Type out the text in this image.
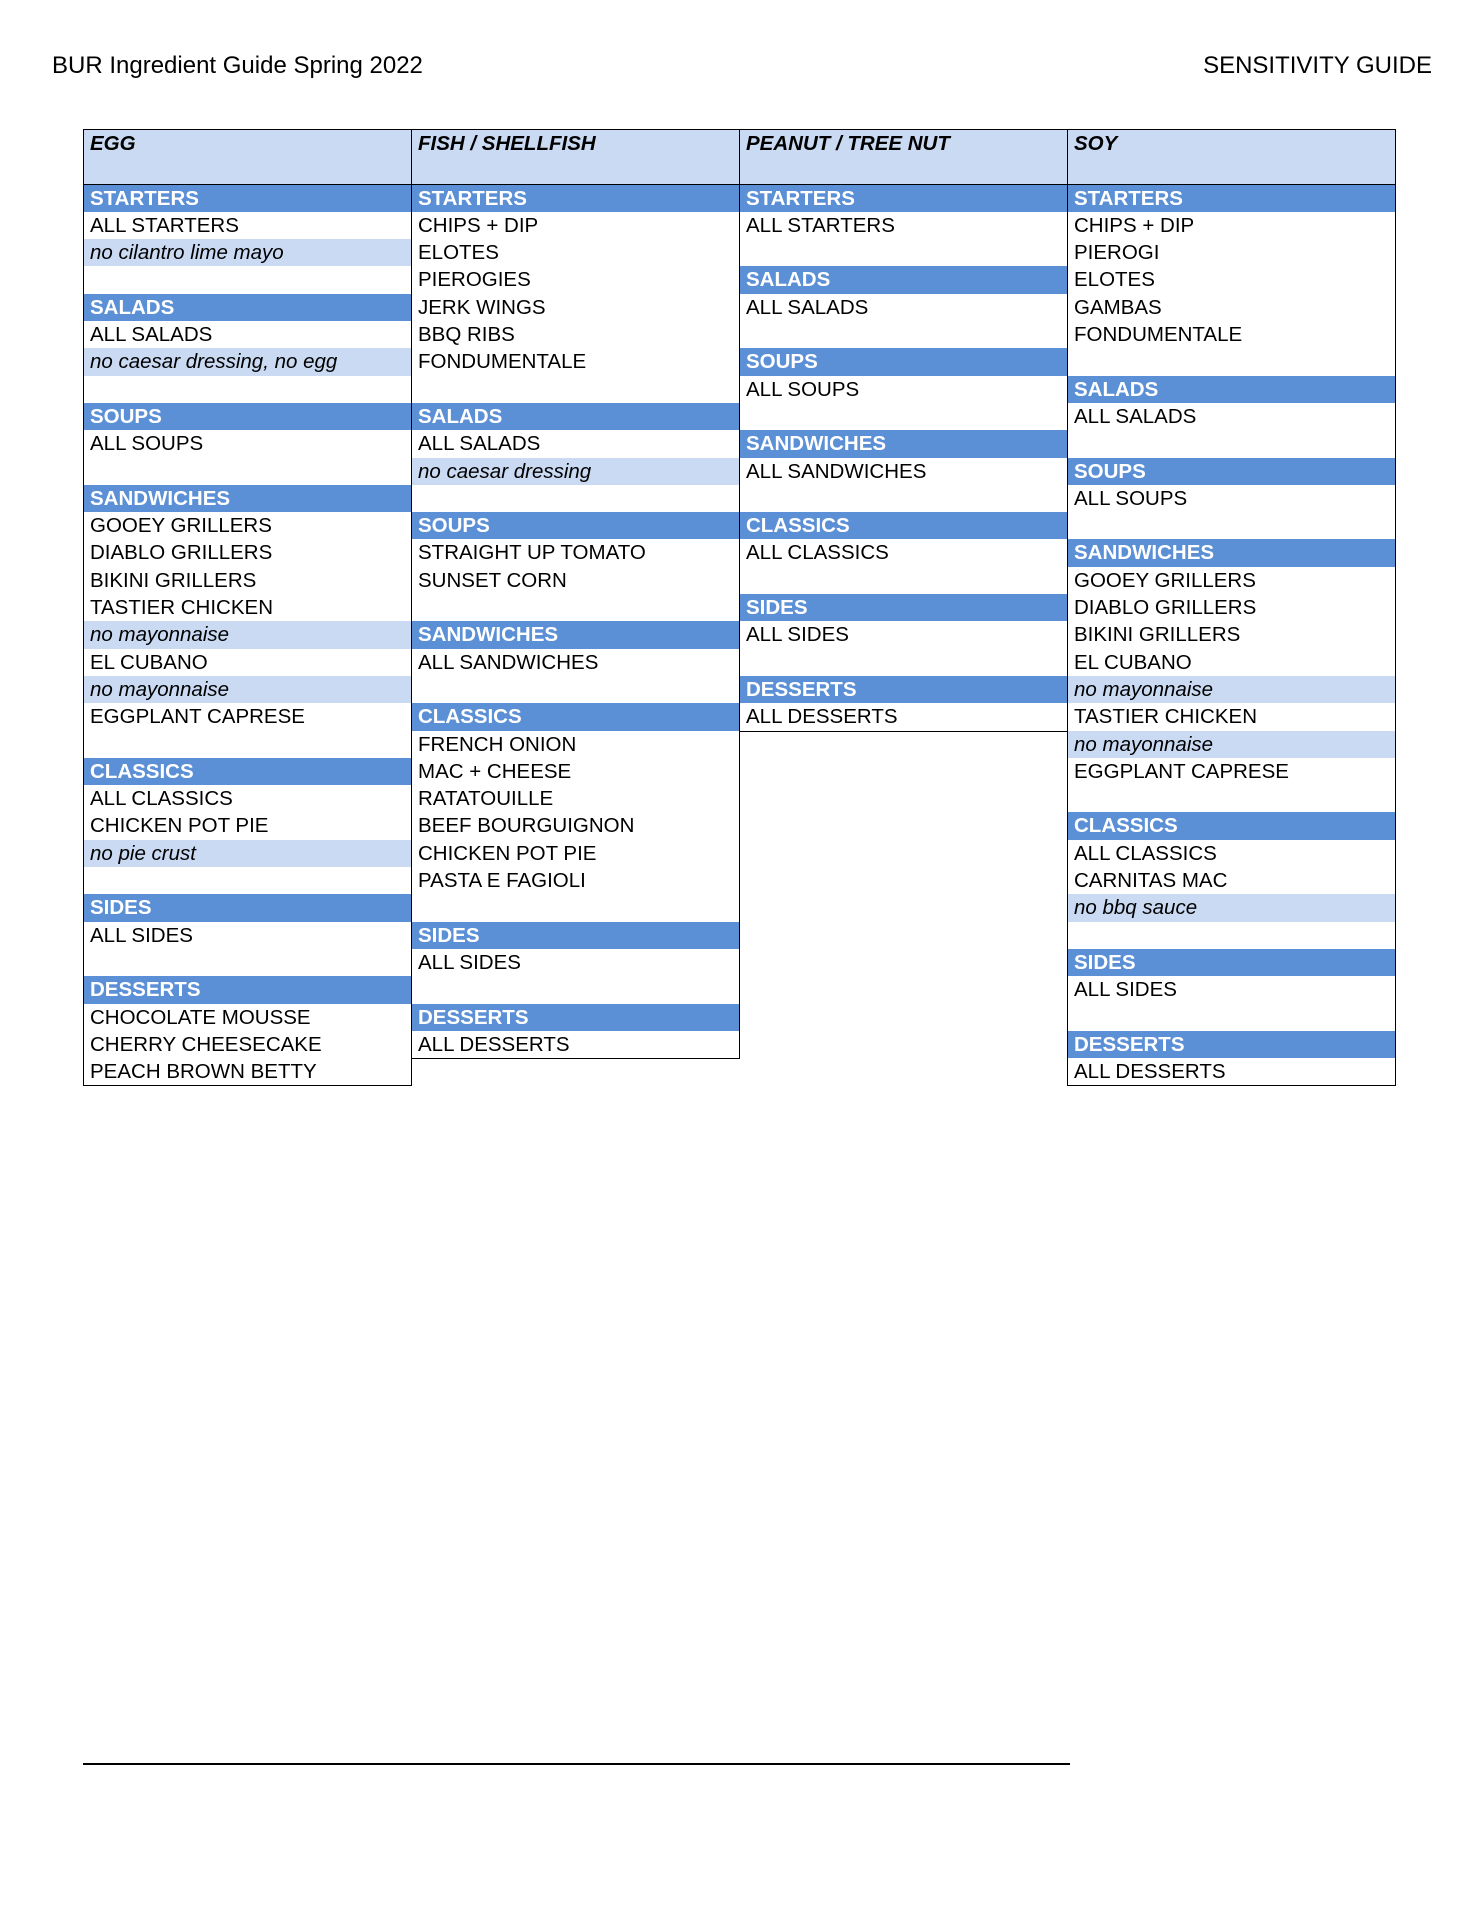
BUR Ingredient Guide Spring 2022	SENSITIVITY GUIDE
EGG
STARTERS
ALL STARTERS
no cilantro lime mayo
SALADS
ALL SALADS
no caesar dressing, no egg
SOUPS
ALL SOUPS
SANDWICHES
GOOEY GRILLERS
DIABLO GRILLERS
BIKINI GRILLERS
TASTIER CHICKEN
no mayonnaise
EL CUBANO
no mayonnaise
EGGPLANT CAPRESE
CLASSICS
ALL CLASSICS
CHICKEN POT PIE
no pie crust
SIDES
ALL SIDES
DESSERTS
CHOCOLATE MOUSSE
CHERRY CHEESECAKE
PEACH BROWN BETTY
FISH / SHELLFISH
STARTERS
CHIPS + DIP
ELOTES
PIEROGIES
JERK WINGS
BBQ RIBS
FONDUMENTALE
SALADS
ALL SALADS
no caesar dressing
SOUPS
STRAIGHT UP TOMATO
SUNSET CORN
SANDWICHES
ALL SANDWICHES
CLASSICS
FRENCH ONION
MAC + CHEESE
RATATOUILLE
BEEF BOURGUIGNON
CHICKEN POT PIE
PASTA E FAGIOLI
SIDES
ALL SIDES
DESSERTS
ALL DESSERTS
PEANUT / TREE NUT
STARTERS
ALL STARTERS
SALADS
ALL SALADS
SOUPS
ALL SOUPS
SANDWICHES
ALL SANDWICHES
CLASSICS
ALL CLASSICS
SIDES
ALL SIDES
DESSERTS
ALL DESSERTS
SOY
STARTERS
CHIPS + DIP
PIEROGI
ELOTES
GAMBAS
FONDUMENTALE
SALADS
ALL SALADS
SOUPS
ALL SOUPS
SANDWICHES
GOOEY GRILLERS
DIABLO GRILLERS
BIKINI GRILLERS
EL CUBANO
no mayonnaise
TASTIER CHICKEN
no mayonnaise
EGGPLANT CAPRESE
CLASSICS
ALL CLASSICS
CARNITAS MAC
no bbq sauce
SIDES
ALL SIDES
DESSERTS
ALL DESSERTS
